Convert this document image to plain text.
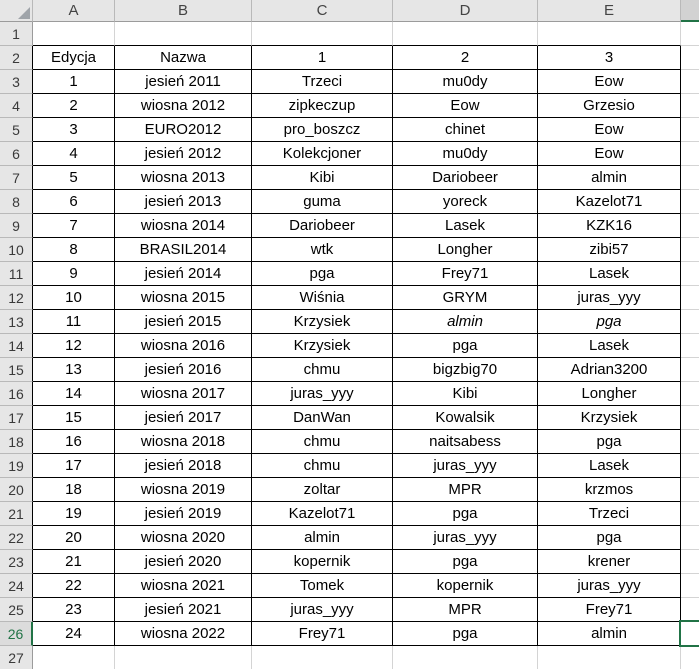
A	B	C	D	E
1
2	Edycja	Nazwa	1	2	3
3	1	jesień 2011	Trzeci	mu0dy	Eow
4	2	wiosna 2012	zipkeczup	Eow	Grzesio
5	3	EURO2012	pro_boszcz	chinet	Eow
6	4	jesień 2012	Kolekcjoner	mu0dy	Eow
7	5	wiosna 2013	Kibi	Dariobeer	almin
8	6	jesień 2013	guma	yoreck	Kazelot71
9	7	wiosna 2014	Dariobeer	Lasek	KZK16
10	8	BRASIL2014	wtk	Longher	zibi57
11	9	jesień 2014	pga	Frey71	Lasek
12	10	wiosna 2015	Wiśnia	GRYM	juras_yyy
13	11	jesień 2015	Krzysiek	almin	pga
14	12	wiosna 2016	Krzysiek	pga	Lasek
15	13	jesień 2016	chmu	bigzbig70	Adrian3200
16	14	wiosna 2017	juras_yyy	Kibi	Longher
17	15	jesień 2017	DanWan	Kowalsik	Krzysiek
18	16	wiosna 2018	chmu	naitsabess	pga
19	17	jesień 2018	chmu	juras_yyy	Lasek
20	18	wiosna 2019	zoltar	MPR	krzmos
21	19	jesień 2019	Kazelot71	pga	Trzeci
22	20	wiosna 2020	almin	juras_yyy	pga
23	21	jesień 2020	kopernik	pga	krener
24	22	wiosna 2021	Tomek	kopernik	juras_yyy
25	23	jesień 2021	juras_yyy	MPR	Frey71
26	24	wiosna 2022	Frey71	pga	almin
27
